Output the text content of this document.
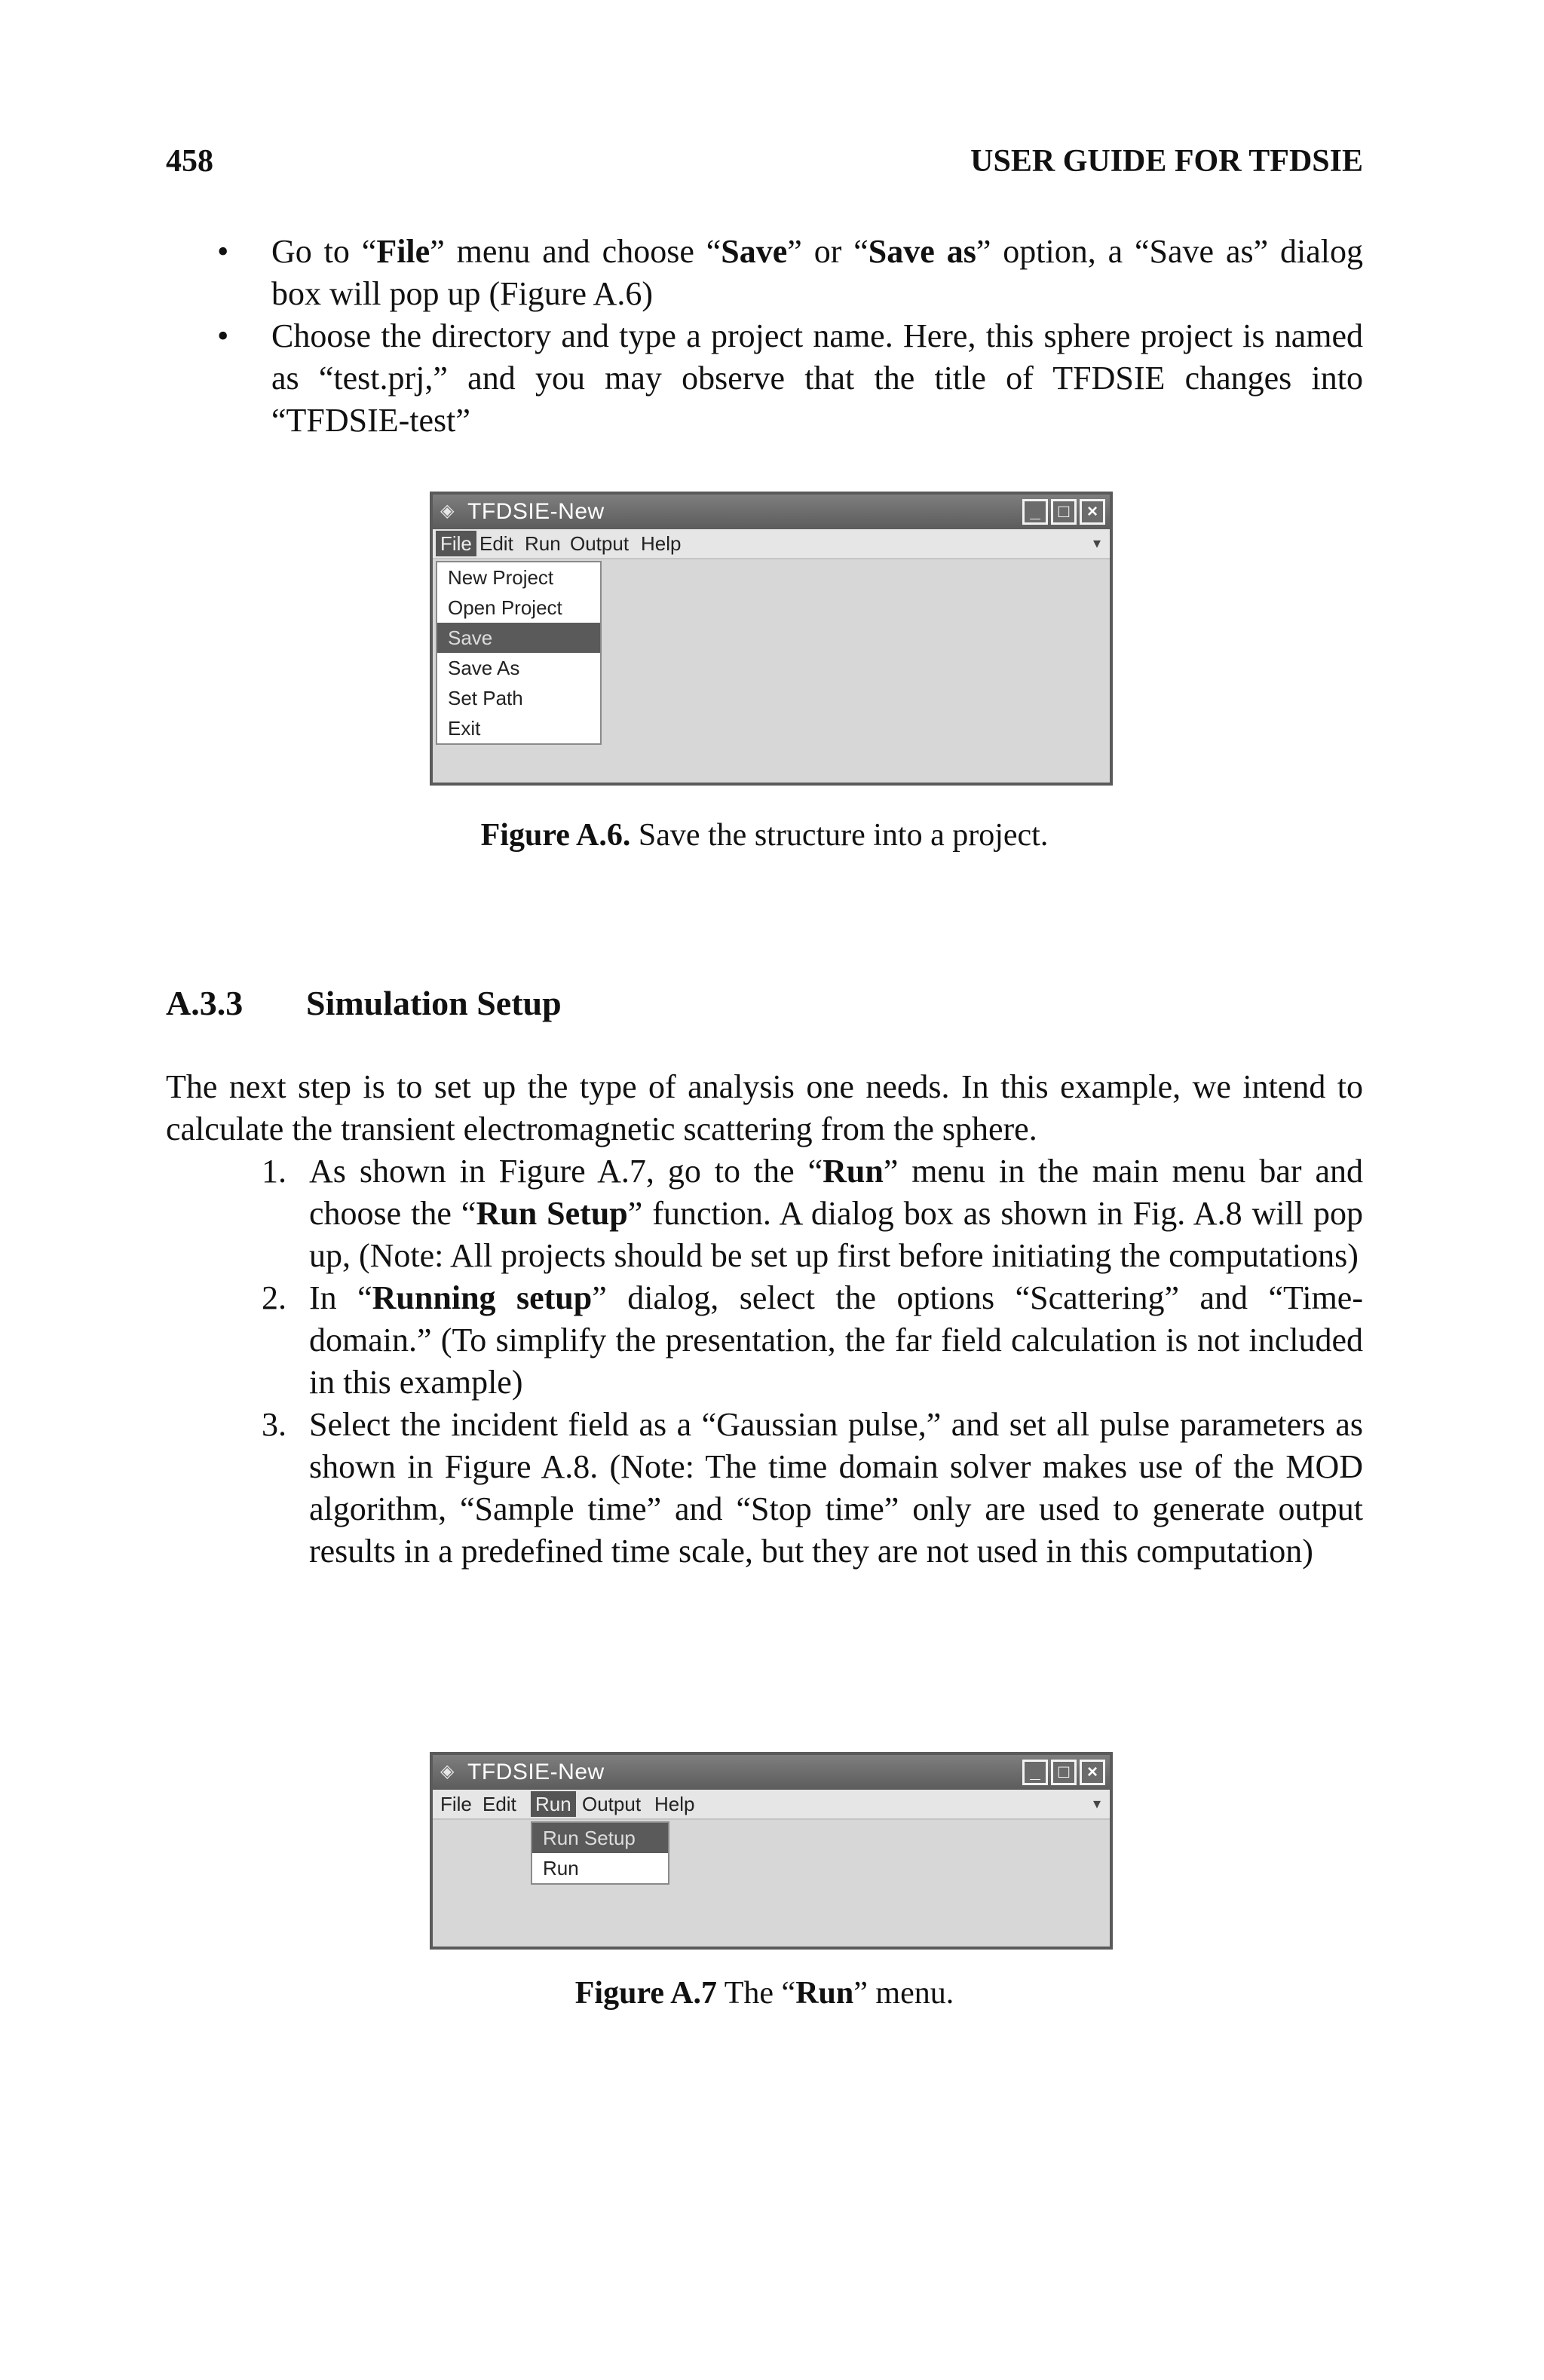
458	USER GUIDE FOR TFDSIE
• Go to “File” menu and choose “Save” or “Save as” option, a “Save as” dialog box will pop up (Figure A.6)
• Choose the directory and type a project name. Here, this sphere project is named as “test.prj,” and you may observe that the title of TFDSIE changes into “TFDSIE-test”
◈ TFDSIE-New	_	□ ×
File Edit Run Output Help	▾
New Project
Open Project
Save
Save As
Set Path
Exit
Figure A.6. Save the structure into a project.
A.3.3 Simulation Setup
The next step is to set up the type of analysis one needs. In this example, we intend to calculate the transient electromagnetic scattering from the sphere.
1. As shown in Figure A.7, go to the “Run” menu in the main menu bar and choose the “Run Setup” function. A dialog box as shown in Fig. A.8 will pop up, (Note: All projects should be set up first before initiating the computations)
2. In “Running setup” dialog, select the options “Scattering” and “Time-domain.” (To simplify the presentation, the far field calculation is not included in this example)
3. Select the incident field as a “Gaussian pulse,” and set all pulse parameters as shown in Figure A.8. (Note: The time domain solver makes use of the MOD algorithm, “Sample time” and “Stop time” only are used to generate output results in a predefined time scale, but they are not used in this computation)
◈ TFDSIE-New	_	□ ×
File Edit Run Output Help	▾
Run Setup
Run
Figure A.7 The “Run” menu.
